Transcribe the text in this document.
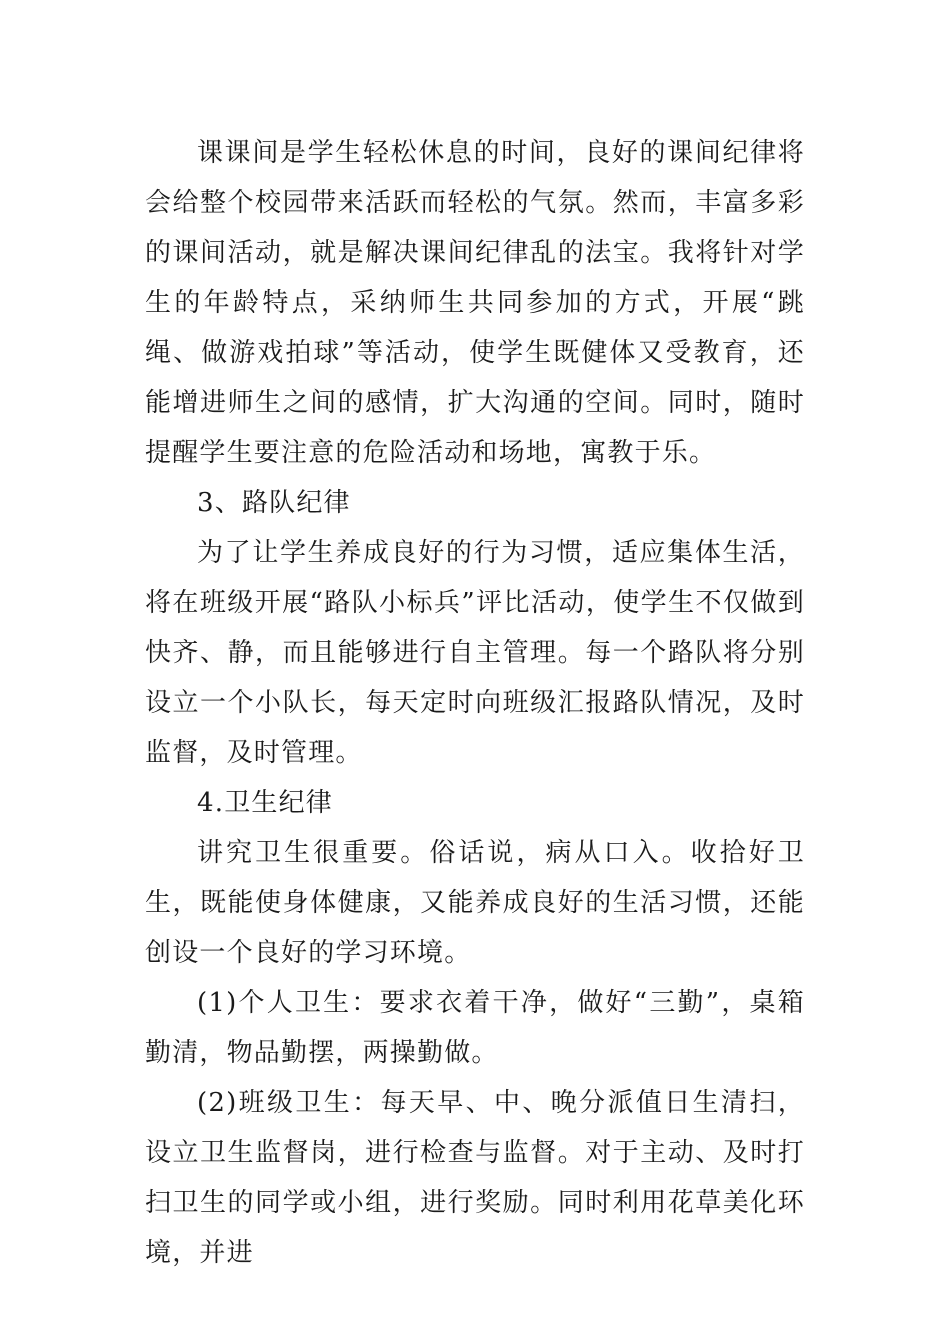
课课间是学生轻松休息的时间，良好的课间纪律将会给整个校园带来活跃而轻松的气氛。然而，丰富多彩的课间活动，就是解决课间纪律乱的法宝。我将针对学生的年龄特点，采纳师生共同参加的方式，开展“跳绳、做游戏拍球”等活动，使学生既健体又受教育，还能增进师生之间的感情，扩大沟通的空间。同时，随时提醒学生要注意的危险活动和场地，寓教于乐。

3、路队纪律

为了让学生养成良好的行为习惯，适应集体生活，将在班级开展“路队小标兵”评比活动，使学生不仅做到快齐、静，而且能够进行自主管理。每一个路队将分别设立一个小队长，每天定时向班级汇报路队情况，及时监督，及时管理。

4.卫生纪律

讲究卫生很重要。俗话说，病从口入。收拾好卫生，既能使身体健康，又能养成良好的生活习惯，还能创设一个良好的学习环境。

(1)个人卫生：要求衣着干净，做好“三勤”，桌箱勤清，物品勤摆，两操勤做。

(2)班级卫生：每天早、中、晚分派值日生清扫，设立卫生监督岗，进行检查与监督。对于主动、及时打扫卫生的同学或小组，进行奖励。同时利用花草美化环境，并进
